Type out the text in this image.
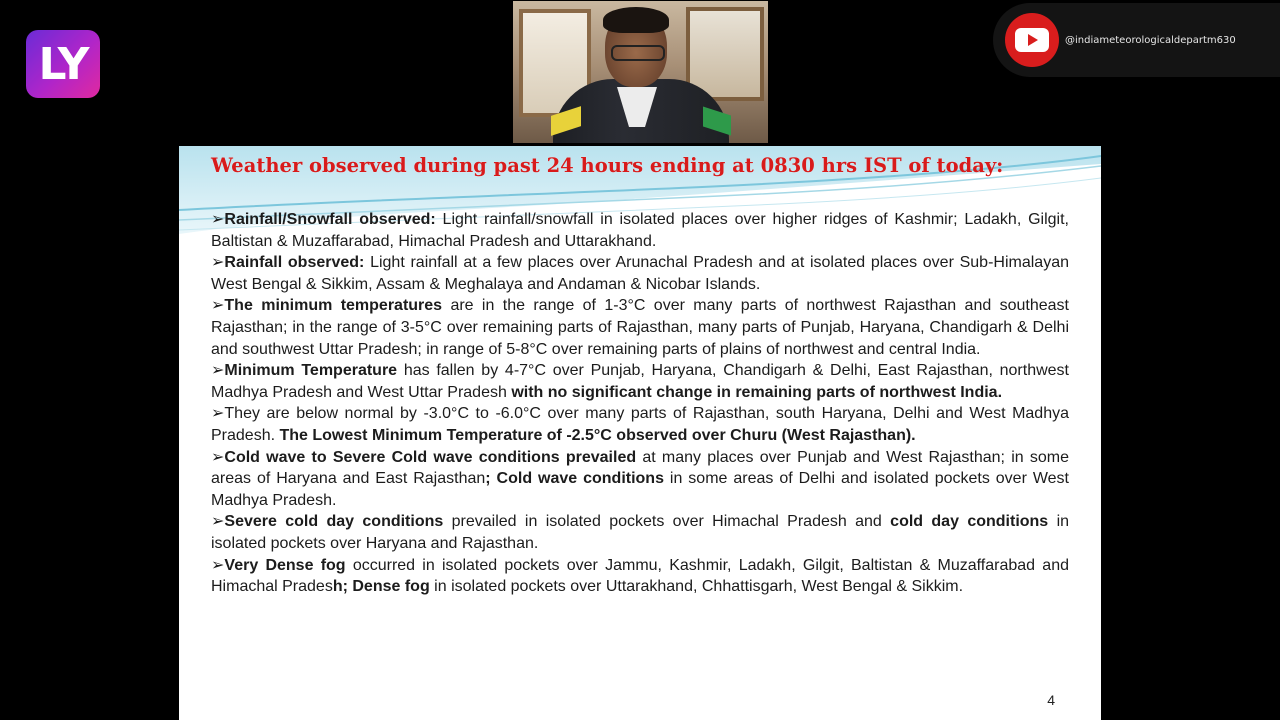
LY	@indiameteorologicaldepartm630
Weather observed during past 24 hours ending at 0830 hrs IST of today:

➢Rainfall/Snowfall observed: Light rainfall/snowfall in isolated places over higher ridges of Kashmir; Ladakh, Gilgit, Baltistan & Muzaffarabad, Himachal Pradesh and Uttarakhand.

➢Rainfall observed: Light rainfall at a few places over Arunachal Pradesh and at isolated places over Sub-Himalayan West Bengal & Sikkim, Assam & Meghalaya and Andaman & Nicobar Islands.

➢The minimum temperatures are in the range of 1-3°C over many parts of northwest Rajasthan and southeast Rajasthan; in the range of 3-5°C over remaining parts of Rajasthan, many parts of Punjab, Haryana, Chandigarh & Delhi and southwest Uttar Pradesh; in range of 5-8°C over remaining parts of plains of northwest and central India.

➢Minimum Temperature has fallen by 4-7°C over Punjab, Haryana, Chandigarh & Delhi, East Rajasthan, northwest Madhya Pradesh and West Uttar Pradesh with no significant change in remaining parts of northwest India.

➢They are below normal by -3.0°C to -6.0°C over many parts of Rajasthan, south Haryana, Delhi and West Madhya Pradesh. The Lowest Minimum Temperature of -2.5°C observed over Churu (West Rajasthan).

➢Cold wave to Severe Cold wave conditions prevailed at many places over Punjab and West Rajasthan; in some areas of Haryana and East Rajasthan; Cold wave conditions in some areas of Delhi and isolated pockets over West Madhya Pradesh.

➢Severe cold day conditions prevailed in isolated pockets over Himachal Pradesh and cold day conditions in isolated pockets over Haryana and Rajasthan.

➢Very Dense fog occurred in isolated pockets over Jammu, Kashmir, Ladakh, Gilgit, Baltistan & Muzaffarabad and Himachal Pradesh; Dense fog in isolated pockets over Uttarakhand, Chhattisgarh, West Bengal & Sikkim.

4
